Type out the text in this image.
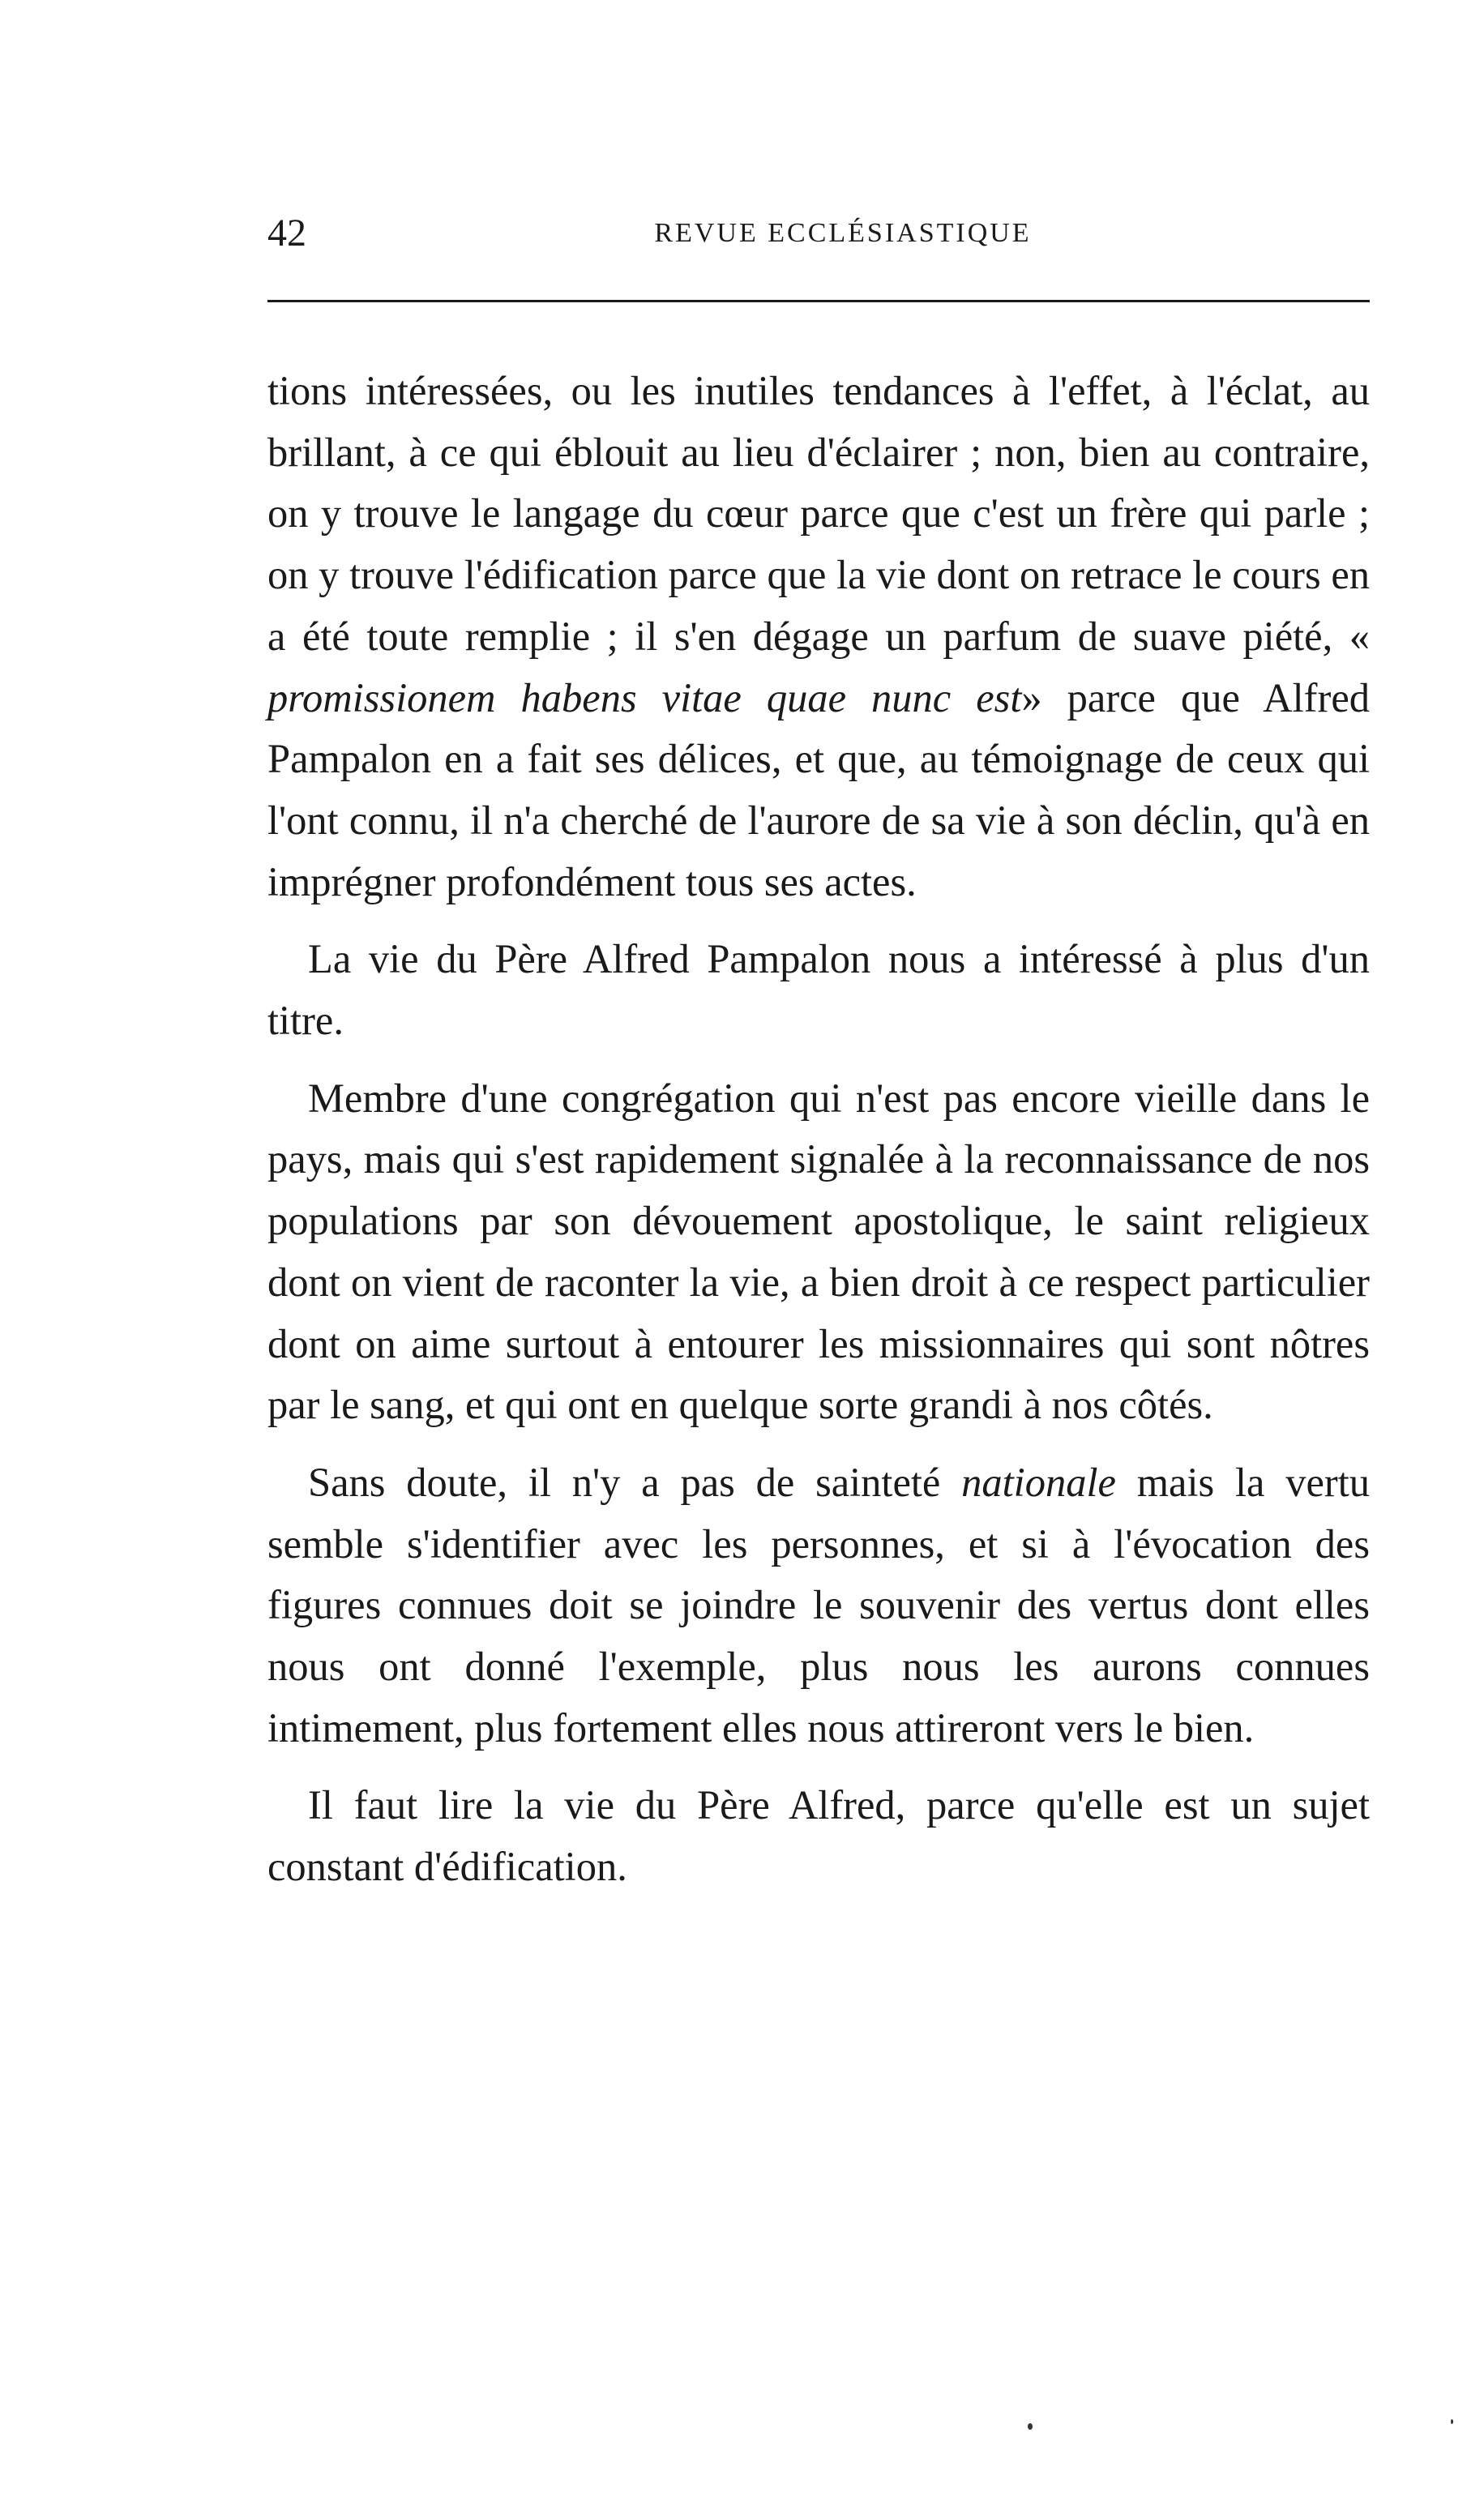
42	REVUE ECCLÉSIASTIQUE

tions intéressées, ou les inutiles tendances à l'effet, à l'éclat, au brillant, à ce qui éblouit au lieu d'éclairer ; non, bien au contraire, on y trouve le langage du cœur parce que c'est un frère qui parle ; on y trouve l'édification parce que la vie dont on retrace le cours en a été toute remplie ; il s'en dégage un parfum de suave piété, « promissionem habens vitae quae nunc est» parce que Alfred Pampalon en a fait ses délices, et que, au témoignage de ceux qui l'ont connu, il n'a cherché de l'aurore de sa vie à son déclin, qu'à en imprégner profondément tous ses actes.

La vie du Père Alfred Pampalon nous a intéressé à plus d'un titre.

Membre d'une congrégation qui n'est pas encore vieille dans le pays, mais qui s'est rapidement signalée à la reconnaissance de nos populations par son dévouement apostolique, le saint religieux dont on vient de raconter la vie, a bien droit à ce respect particulier dont on aime surtout à entourer les missionnaires qui sont nôtres par le sang, et qui ont en quelque sorte grandi à nos côtés.

Sans doute, il n'y a pas de sainteté nationale mais la vertu semble s'identifier avec les personnes, et si à l'évocation des figures connues doit se joindre le souvenir des vertus dont elles nous ont donné l'exemple, plus nous les aurons connues intimement, plus fortement elles nous attireront vers le bien.

Il faut lire la vie du Père Alfred, parce qu'elle est un sujet constant d'édification.
